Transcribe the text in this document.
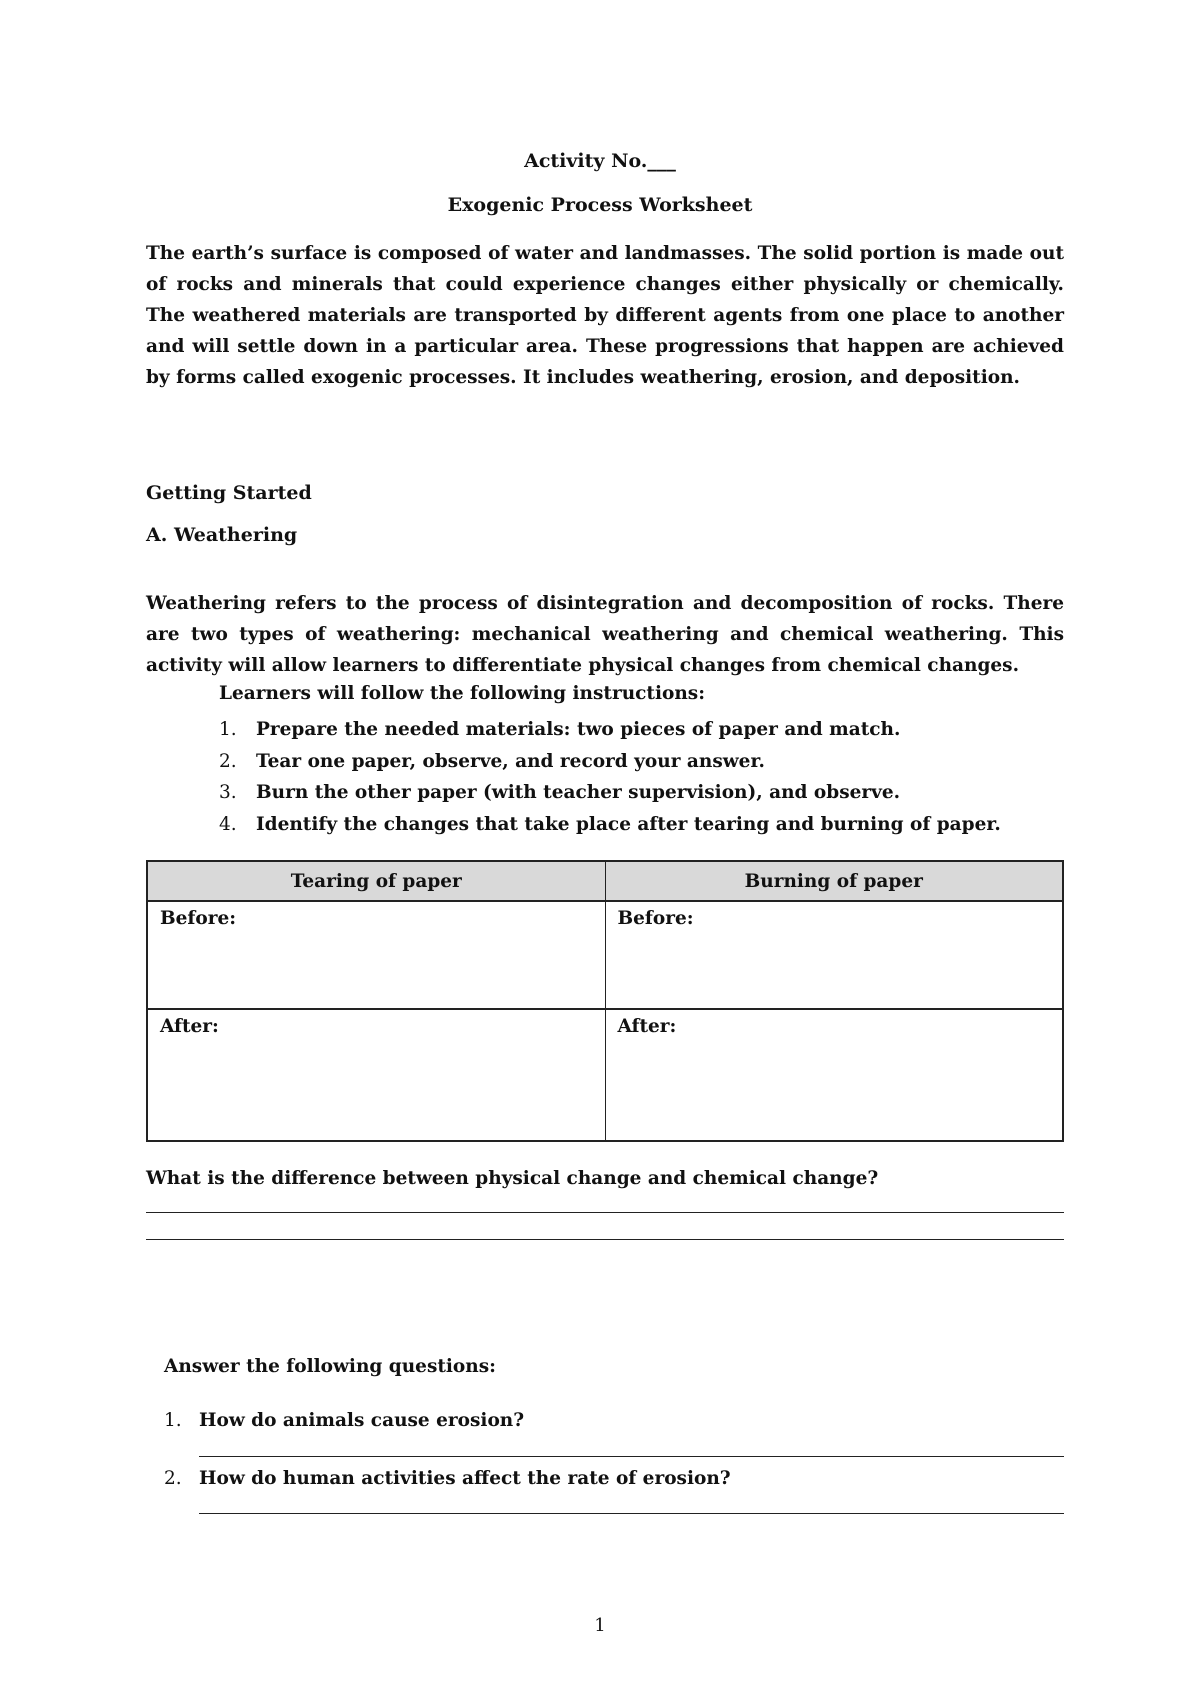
Activity No.___
Exogenic Process Worksheet
The earth’s surface is composed of water and landmasses. The solid portion is made out of rocks and minerals that could experience changes either physically or chemically. The weathered materials are transported by different agents from one place to another and will settle down in a particular area. These progressions that happen are achieved by forms called exogenic processes. It includes weathering, erosion, and deposition.
Getting Started
A. Weathering
Weathering refers to the process of disintegration and decomposition of rocks. There are two types of weathering: mechanical weathering and chemical weathering. This activity will allow learners to differentiate physical changes from chemical changes.
Learners will follow the following instructions:
1.	Prepare the needed materials: two pieces of paper and match.
2.	Tear one paper, observe, and record your answer.
3.	Burn the other paper (with teacher supervision), and observe.
4.	Identify the changes that take place after tearing and burning of paper.
Tearing of paper	Burning of paper
Before:	Before:
After:	After:
What is the difference between physical change and chemical change?
Answer the following questions:
1. How do animals cause erosion?
2. How do human activities affect the rate of erosion?
1
